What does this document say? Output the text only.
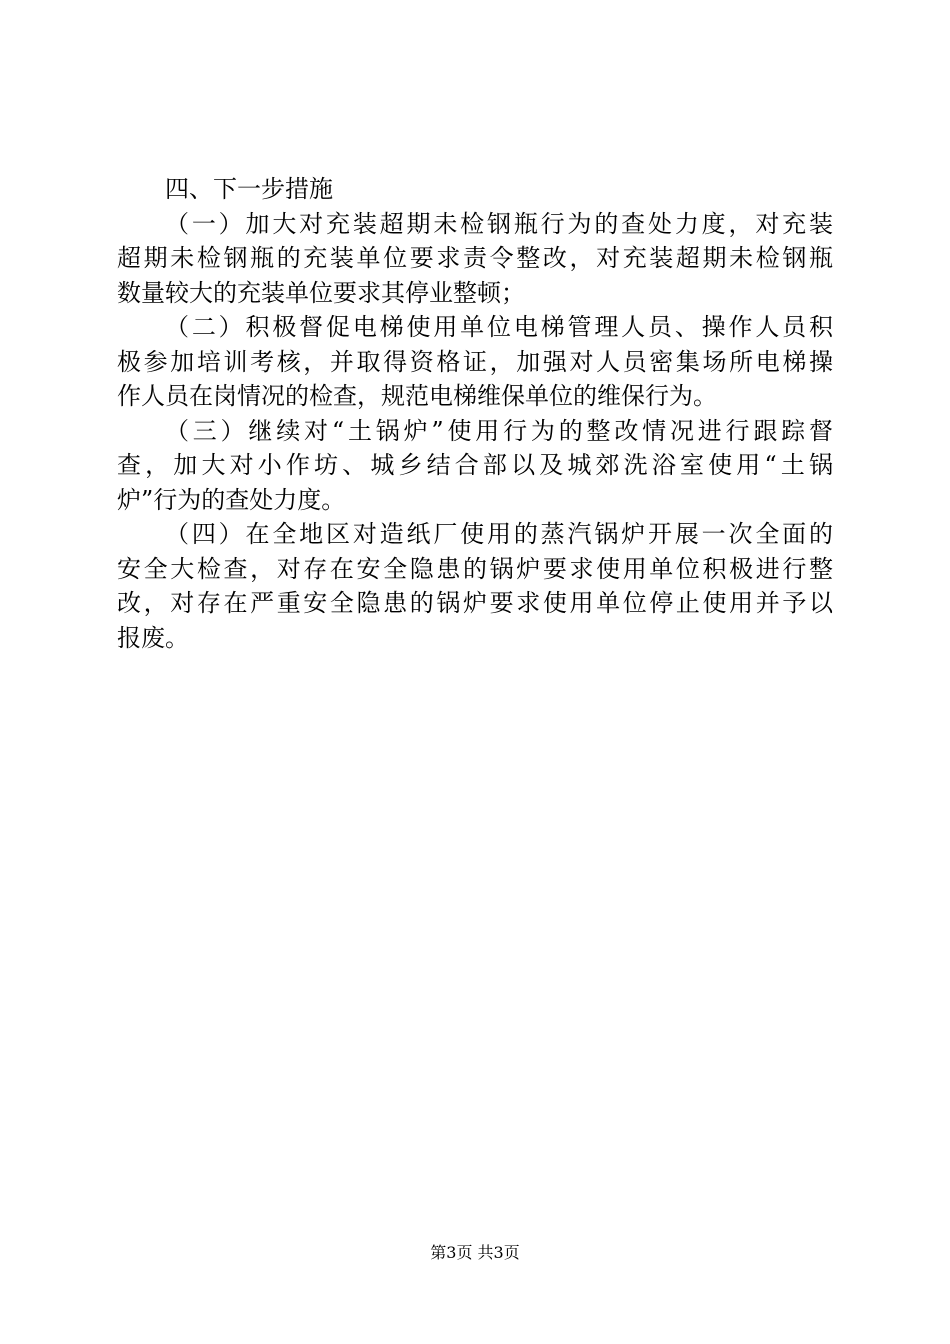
四、下一步措施
（一）加大对充装超期未检钢瓶行为的查处力度，对充装
超期未检钢瓶的充装单位要求责令整改，对充装超期未检钢瓶
数量较大的充装单位要求其停业整顿；
（二）积极督促电梯使用单位电梯管理人员、操作人员积
极参加培训考核，并取得资格证，加强对人员密集场所电梯操
作人员在岗情况的检查，规范电梯维保单位的维保行为。
（三）继续对“土锅炉”使用行为的整改情况进行跟踪督
查，加大对小作坊、城乡结合部以及城郊洗浴室使用“土锅
炉”行为的查处力度。
（四）在全地区对造纸厂使用的蒸汽锅炉开展一次全面的
安全大检查，对存在安全隐患的锅炉要求使用单位积极进行整
改，对存在严重安全隐患的锅炉要求使用单位停止使用并予以
报废。
第3页 共3页
